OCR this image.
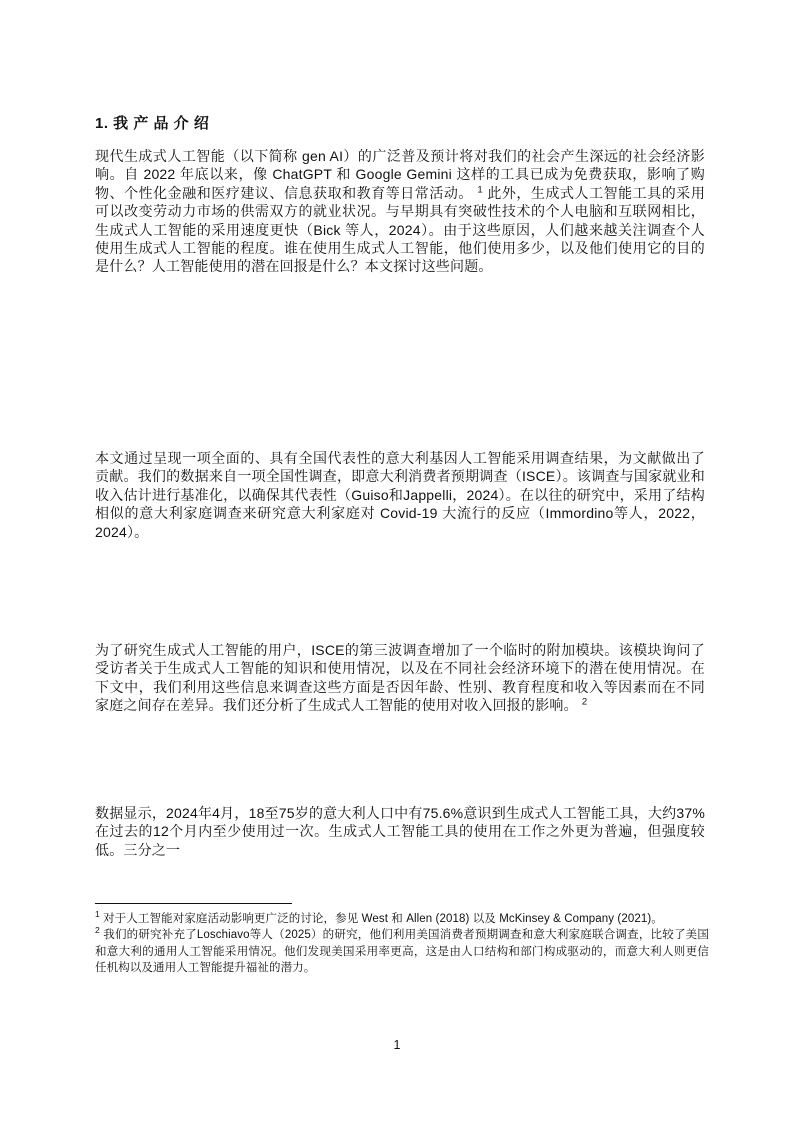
1. 我 产 品 介 绍

现代生成式人工智能（以下简称 gen AI）的广泛普及预计将对我们的社会产生深远的社会经济影响。自 2022 年底以来，像 ChatGPT 和 Google Gemini 这样的工具已成为免费获取，影响了购物、个性化金融和医疗建议、信息获取和教育等日常活动。 $^1$ 此外，生成式人工智能工具的采用可以改变劳动力市场的供需双方的就业状况。与早期具有突破性技术的个人电脑和互联网相比，生成式人工智能的采用速度更快（Bick 等人，2024）。由于这些原因，人们越来越关注调查个人使用生成式人工智能的程度。谁在使用生成式人工智能，他们使用多少，以及他们使用它的目的是什么？人工智能使用的潜在回报是什么？本文探讨这些问题。

本文通过呈现一项全面的、具有全国代表性的意大利基因人工智能采用调查结果，为文献做出了贡献。我们的数据来自一项全国性调查，即意大利消费者预期调查（ISCE）。该调查与国家就业和收入估计进行基准化，以确保其代表性（Guiso和Jappelli，2024）。在以往的研究中，采用了结构相似的意大利家庭调查来研究意大利家庭对 Covid-19 大流行的反应（Immordino等人，2022，2024）。

为了研究生成式人工智能的用户，ISCE的第三波调查增加了一个临时的附加模块。该模块询问了受访者关于生成式人工智能的知识和使用情况，以及在不同社会经济环境下的潜在使用情况。在下文中，我们利用这些信息来调查这些方面是否因年龄、性别、教育程度和收入等因素而在不同家庭之间存在差异。我们还分析了生成式人工智能的使用对收入回报的影响。 $^2$

数据显示，2024年4月，18至75岁的意大利人口中有75.6%意识到生成式人工智能工具，大约37%在过去的12个月内至少使用过一次。生成式人工智能工具的使用在工作之外更为普遍，但强度较低。三分之一

$^1$ 对于人工智能对家庭活动影响更广泛的讨论，参见 West 和 Allen (2018) 以及 McKinsey & Company (2021)。

$^2$ 我们的研究补充了Loschiavo等人（2025）的研究，他们利用美国消费者预期调查和意大利家庭联合调查，比较了美国和意大利的通用人工智能采用情况。他们发现美国采用率更高，这是由人口结构和部门构成驱动的，而意大利人则更信任机构以及通用人工智能提升福祉的潜力。

1
